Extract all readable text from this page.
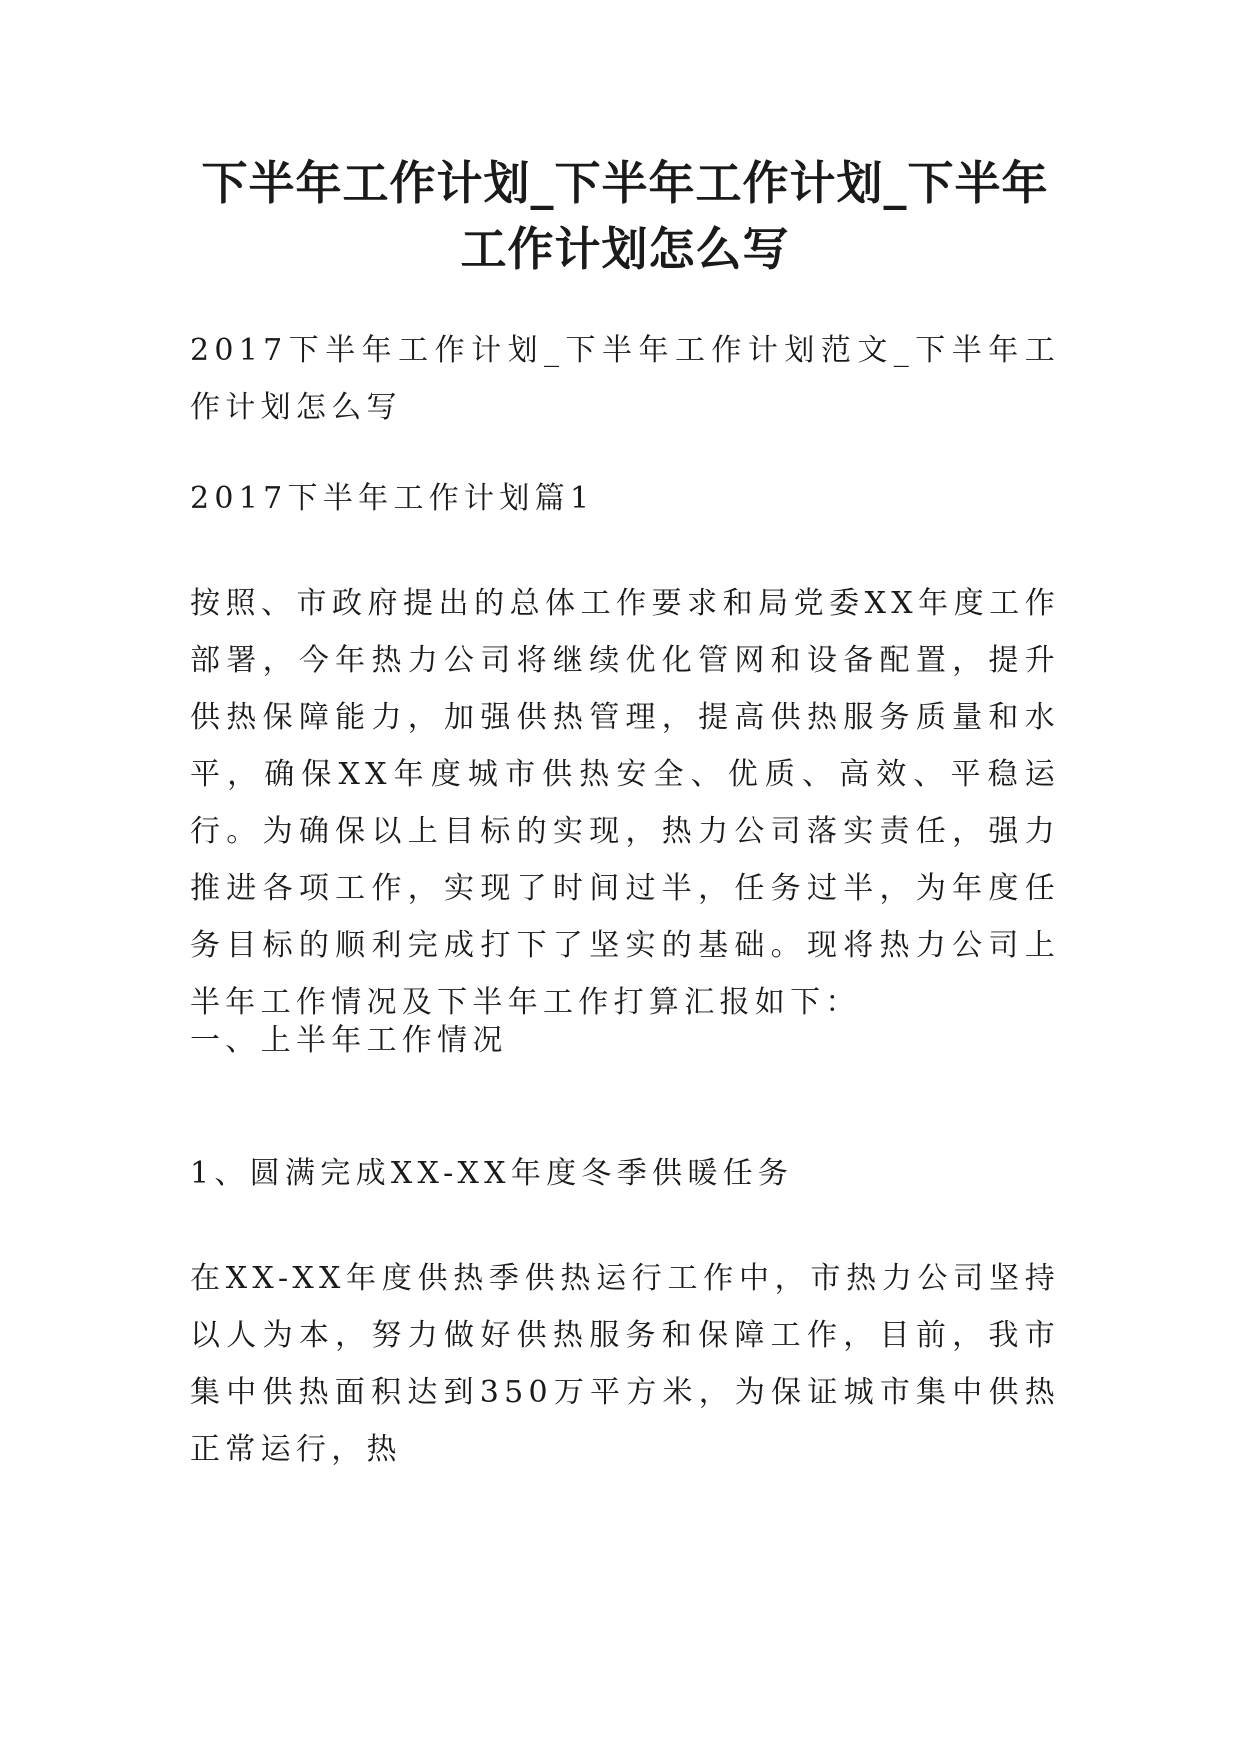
下半年工作计划_下半年工作计划_下半年工作计划怎么写

2017下半年工作计划_下半年工作计划范文_下半年工作计划怎么写

2017下半年工作计划篇1

按照、市政府提出的总体工作要求和局党委XX年度工作部署，今年热力公司将继续优化管网和设备配置，提升供热保障能力，加强供热管理，提高供热服务质量和水平，确保XX年度城市供热安全、优质、高效、平稳运行。为确保以上目标的实现，热力公司落实责任，强力推进各项工作，实现了时间过半，任务过半，为年度任务目标的顺利完成打下了坚实的基础。现将热力公司上半年工作情况及下半年工作打算汇报如下：

一、上半年工作情况

1、圆满完成XX-XX年度冬季供暖任务

在XX-XX年度供热季供热运行工作中，市热力公司坚持以人为本，努力做好供热服务和保障工作，目前，我市集中供热面积达到350万平方米，为保证城市集中供热正常运行，热
